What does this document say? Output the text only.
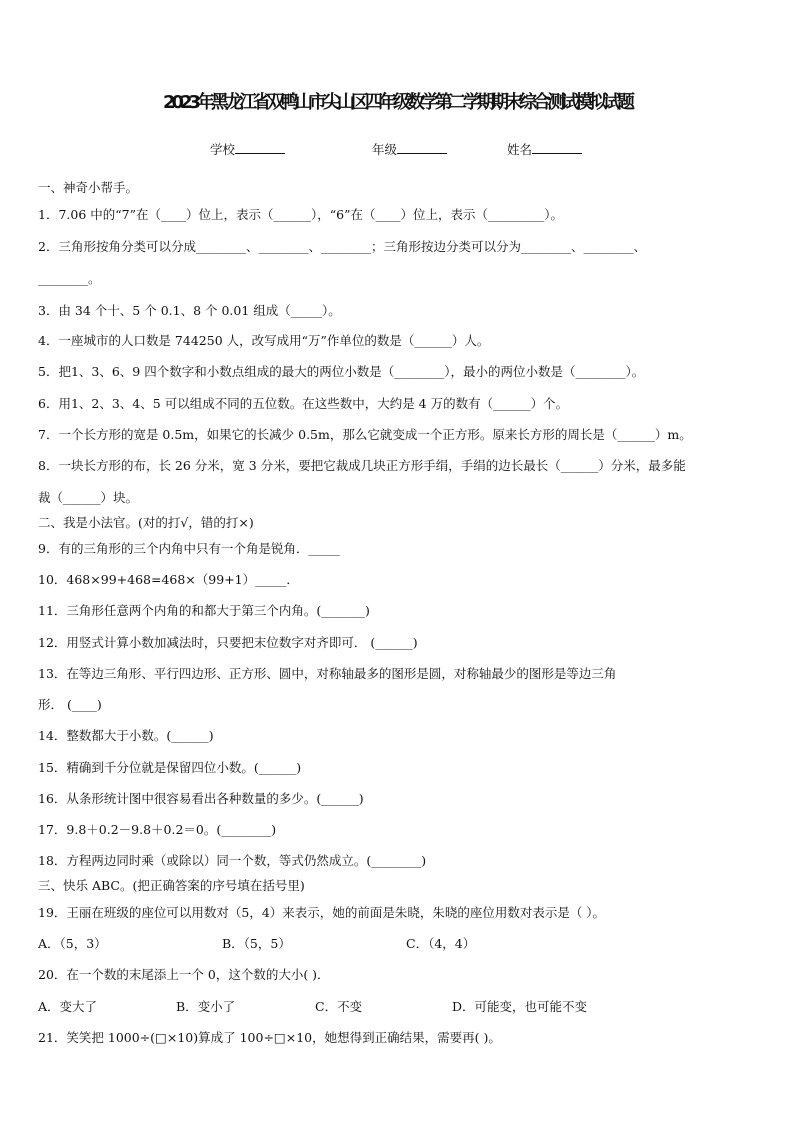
2023年黑龙江省双鸭山市尖山区四年级数学第二学期期末综合测试模拟试题
学校	年级	姓名
一、神奇小帮手。
1．7.06 中的“7”在（____）位上，表示（______），“6”在（____）位上，表示（_________）。
2．三角形按角分类可以分成________、________、________；三角形按边分类可以分为________、________、
________。
3．由 34 个十、5 个 0.1、8 个 0.01 组成（_____）。
4．一座城市的人口数是 744250 人，改写成用“万”作单位的数是（______）人。
5．把1、3、6、9 四个数字和小数点组成的最大的两位小数是（________），最小的两位小数是（________）。
6．用1、2、3、4、5 可以组成不同的五位数。在这些数中，大约是 4 万的数有（______）个。
7．一个长方形的宽是 0.5m，如果它的长减少 0.5m，那么它就变成一个正方形。原来长方形的周长是（______）m。
8．一块长方形的布，长 26 分米，宽 3 分米，要把它裁成几块正方形手绢，手绢的边长最长（______）分米，最多能
裁（______）块。
二、我是小法官。(对的打√，错的打×)
9．有的三角形的三个内角中只有一个角是锐角．_____
10．468×99+468=468×（99+1）_____．
11．三角形任意两个内角的和都大于第三个内角。(_______)
12．用竖式计算小数加减法时，只要把末位数字对齐即可． (______)
13．在等边三角形、平行四边形、正方形、圆中，对称轴最多的图形是圆，对称轴最少的图形是等边三角
形． (____)
14．整数都大于小数。(______)
15．精确到千分位就是保留四位小数。(______)
16．从条形统计图中很容易看出各种数量的多少。(______)
17．9.8＋0.2－9.8＋0.2＝0。(________)
18．方程两边同时乘（或除以）同一个数，等式仍然成立。(________)
三、快乐 ABC。(把正确答案的序号填在括号里)
19．王丽在班级的座位可以用数对（5，4）来表示，她的前面是朱晓，朱晓的座位用数对表示是（ ）。
A．（5，3）	B．（5，5）	C．（4，4）
20．在一个数的末尾添上一个 0，这个数的大小( )．
A．变大了	B．变小了	C．不变	D．可能变，也可能不变
21．笑笑把 1000÷(□×10)算成了 100÷□×10，她想得到正确结果，需要再( )。
